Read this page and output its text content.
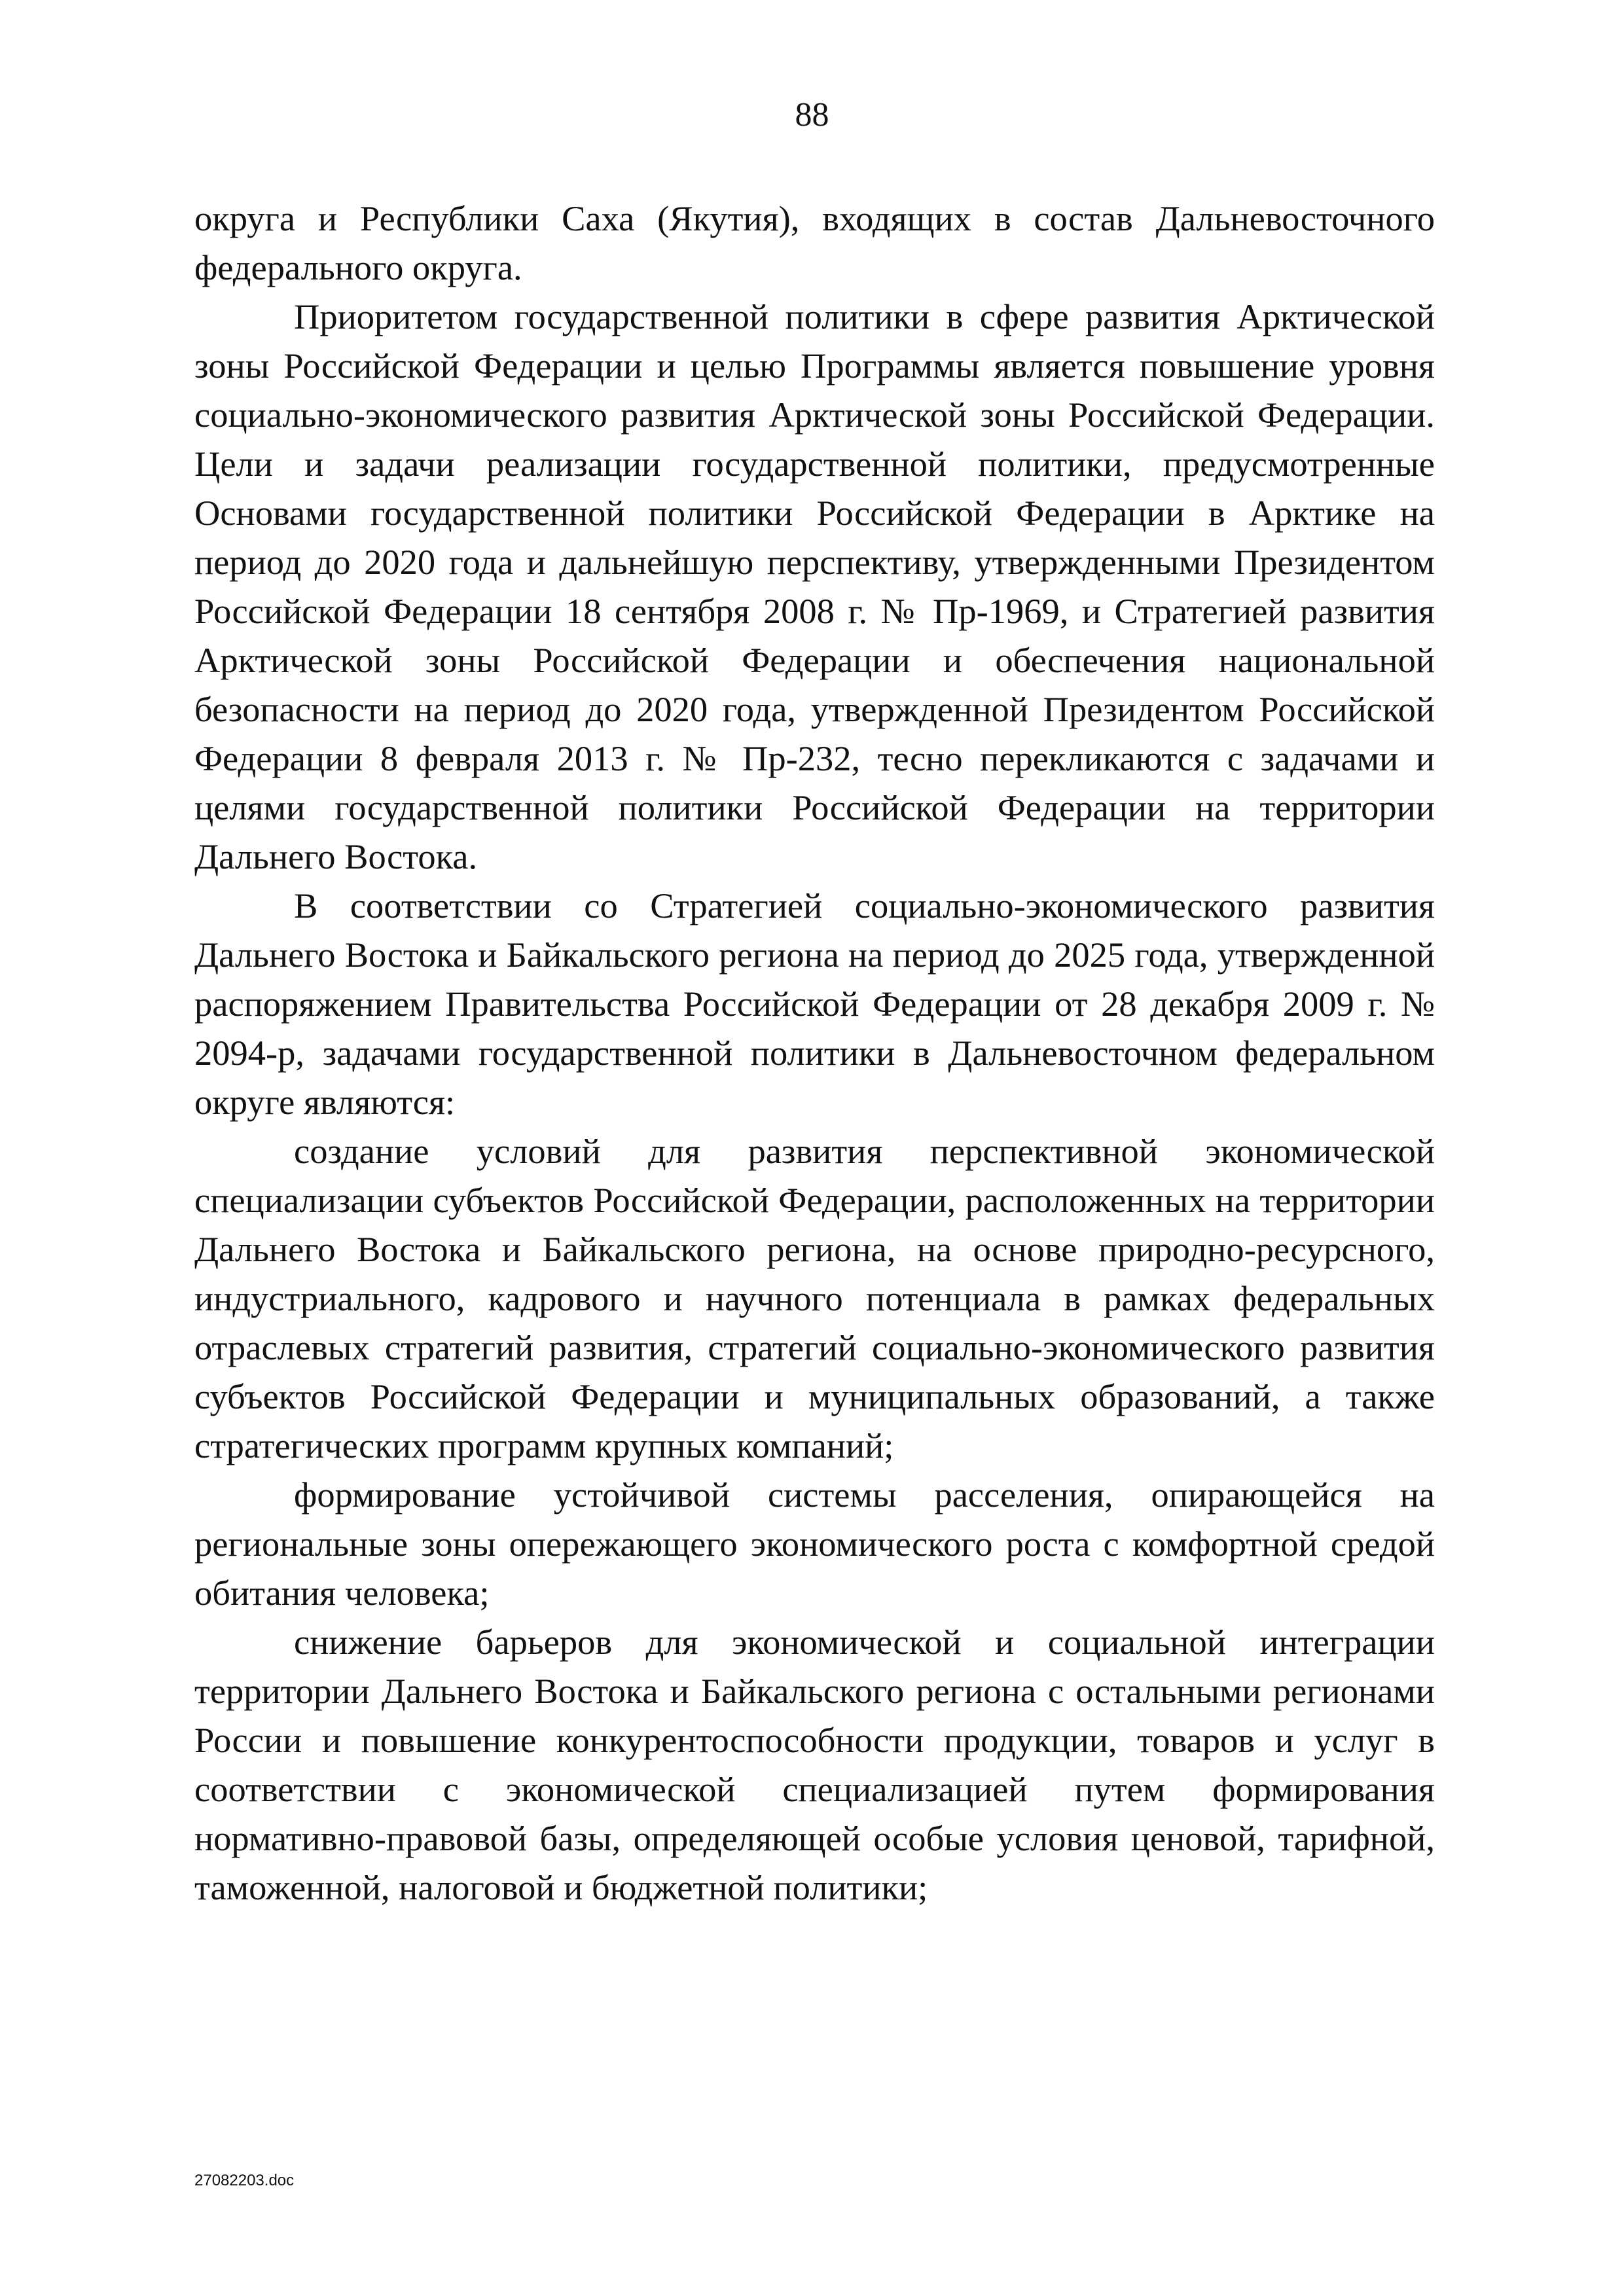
88

округа и Республики Саха (Якутия), входящих в состав Дальневосточного федерального округа.

Приоритетом государственной политики в сфере развития Арктической зоны Российской Федерации и целью Программы является повышение уровня социально-экономического развития Арктической зоны Российской Федерации. Цели и задачи реализации государственной политики, предусмотренные Основами государственной политики Российской Федерации в Арктике на период до 2020 года и дальнейшую перспективу, утвержденными Президентом Российской Федерации 18 сентября 2008 г. № Пр-1969, и Стратегией развития Арктической зоны Российской Федерации и обеспечения национальной безопасности на период до 2020 года, утвержденной Президентом Российской Федерации 8 февраля 2013 г. № Пр-232, тесно перекликаются с задачами и целями государственной политики Российской Федерации на территории Дальнего Востока.

В соответствии со Стратегией социально-экономического развития Дальнего Востока и Байкальского региона на период до 2025 года, утвержденной распоряжением Правительства Российской Федерации от 28 декабря 2009 г. № 2094-р, задачами государственной политики в Дальневосточном федеральном округе являются:

создание условий для развития перспективной экономической специализации субъектов Российской Федерации, расположенных на территории Дальнего Востока и Байкальского региона, на основе природно-ресурсного, индустриального, кадрового и научного потенциала в рамках федеральных отраслевых стратегий развития, стратегий социально-экономического развития субъектов Российской Федерации и муниципальных образований, а также стратегических программ крупных компаний;

формирование устойчивой системы расселения, опирающейся на региональные зоны опережающего экономического роста с комфортной средой обитания человека;

снижение барьеров для экономической и социальной интеграции территории Дальнего Востока и Байкальского региона с остальными регионами России и повышение конкурентоспособности продукции, товаров и услуг в соответствии с экономической специализацией путем формирования нормативно-правовой базы, определяющей особые условия ценовой, тарифной, таможенной, налоговой и бюджетной политики;

27082203.doc
